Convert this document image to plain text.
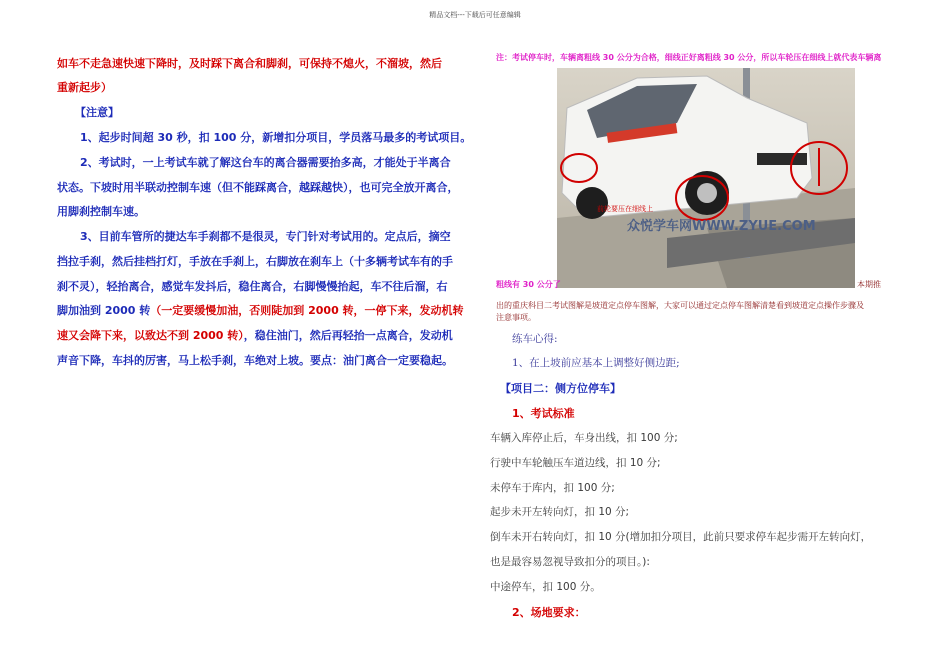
精品文档---下载后可任意编辑
如车不走急速快速下降时，及时踩下离合和脚刹，可保持不熄火，不溜坡，然后
重新起步）
【注意】
1、起步时间超 30 秒，扣 100 分，新增扣分项目，学员落马最多的考试项目。
2、考试时，一上考试车就了解这台车的离合器需要抬多高，才能处于半离合
状态。下坡时用半联动控制车速（但不能踩离合，越踩越快），也可完全放开离合，
用脚刹控制车速。
3、目前车管所的捷达车手刹都不是很灵，专门针对考试用的。定点后，摘空
挡拉手刹，然后挂档打灯，手放在手刹上，右脚放在刹车上（十多辆考试车有的手
刹不灵），轻抬离合，感觉车发抖后，稳住离合，右脚慢慢抬起，车不往后溜，右
脚加油到 2000 转（一定要缓慢加油，否则陡加到 2000 转，一停下来，发动机转
速又会降下来，以致达不到 2000 转），稳住油门，然后再轻抬一点离合，发动机
声音下降，车抖的厉害，马上松手刹，车绝对上坡。要点：油门离合一定要稳起。
注：考试停车时，车辆离粗线 30 公分为合格，细线正好离粗线 30 公分，所以车轮压在细线上就代表车辆离
众悦学车网WWW.ZYUE.COM
前轮要压在细线上
粗线有 30 公分了	本期推
出的重庆科目二考试图解是坡道定点停车图解，大家可以通过定点停车图解清楚看到坡道定点操作步骤及
注意事项。
练车心得:
1、在上坡前应基本上调整好侧边距;
【项目二：侧方位停车】
1、考试标准
车辆入库停止后，车身出线，扣 100 分;
行驶中车轮触压车道边线，扣 10 分;
未停车于库内，扣 100 分;
起步未开左转向灯，扣 10 分;
倒车未开右转向灯，扣 10 分(增加扣分项目，此前只要求停车起步需开左转向灯，
也是最容易忽视导致扣分的项目。):
中途停车，扣 100 分。
2、场地要求：
